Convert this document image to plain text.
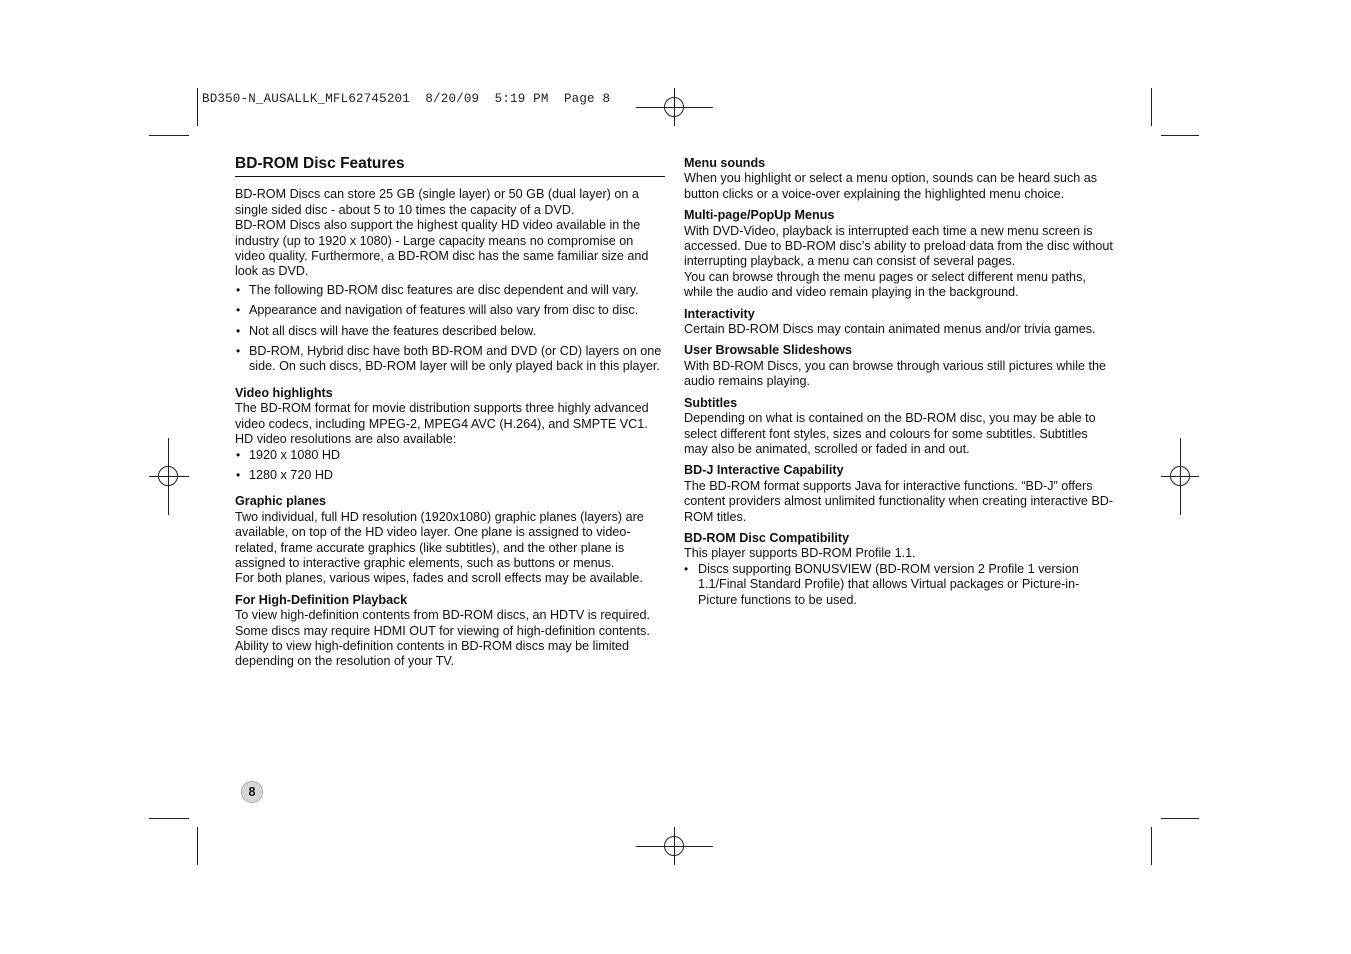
BD350-N_AUSALLK_MFL62745201  8/20/09  5:19 PM  Page 8
BD-ROM Disc Features

BD-ROM Discs can store 25 GB (single layer) or 50 GB (dual layer) on a single sided disc - about 5 to 10 times the capacity of a DVD.

BD-ROM Discs also support the highest quality HD video available in the industry (up to 1920 x 1080) - Large capacity means no compromise on video quality. Furthermore, a BD-ROM disc has the same familiar size and look as DVD.

• The following BD-ROM disc features are disc dependent and will vary.
• Appearance and navigation of features will also vary from disc to disc.
• Not all discs will have the features described below.
• BD-ROM, Hybrid disc have both BD-ROM and DVD (or CD) layers on one side. On such discs, BD-ROM layer will be only played back in this player.

Video highlights

The BD-ROM format for movie distribution supports three highly advanced video codecs, including MPEG-2, MPEG4 AVC (H.264), and SMPTE VC1. HD video resolutions are also available:

• 1920 x 1080 HD
• 1280 x 720 HD

Graphic planes

Two individual, full HD resolution (1920x1080) graphic planes (layers) are available, on top of the HD video layer. One plane is assigned to video-related, frame accurate graphics (like subtitles), and the other plane is assigned to interactive graphic elements, such as buttons or menus.

For both planes, various wipes, fades and scroll effects may be available.

For High-Definition Playback

To view high-definition contents from BD-ROM discs, an HDTV is required. Some discs may require HDMI OUT for viewing of high-definition contents. Ability to view high-definition contents in BD-ROM discs may be limited depending on the resolution of your TV.

Menu sounds

When you highlight or select a menu option, sounds can be heard such as button clicks or a voice-over explaining the highlighted menu choice.

Multi-page/PopUp Menus

With DVD-Video, playback is interrupted each time a new menu screen is accessed. Due to BD-ROM disc’s ability to preload data from the disc without interrupting playback, a menu can consist of several pages.

You can browse through the menu pages or select different menu paths, while the audio and video remain playing in the background.

Interactivity

Certain BD-ROM Discs may contain animated menus and/or trivia games.

User Browsable Slideshows

With BD-ROM Discs, you can browse through various still pictures while the audio remains playing.

Subtitles

Depending on what is contained on the BD-ROM disc, you may be able to select different font styles, sizes and colours for some subtitles. Subtitles may also be animated, scrolled or faded in and out.

BD-J Interactive Capability

The BD-ROM format supports Java for interactive functions. “BD-J” offers content providers almost unlimited functionality when creating interactive BD-ROM titles.

BD-ROM Disc Compatibility

This player supports BD-ROM Profile 1.1.

• Discs supporting BONUSVIEW (BD-ROM version 2 Profile 1 version 1.1/Final Standard Profile) that allows Virtual packages or Picture-in-Picture functions to be used.
8
